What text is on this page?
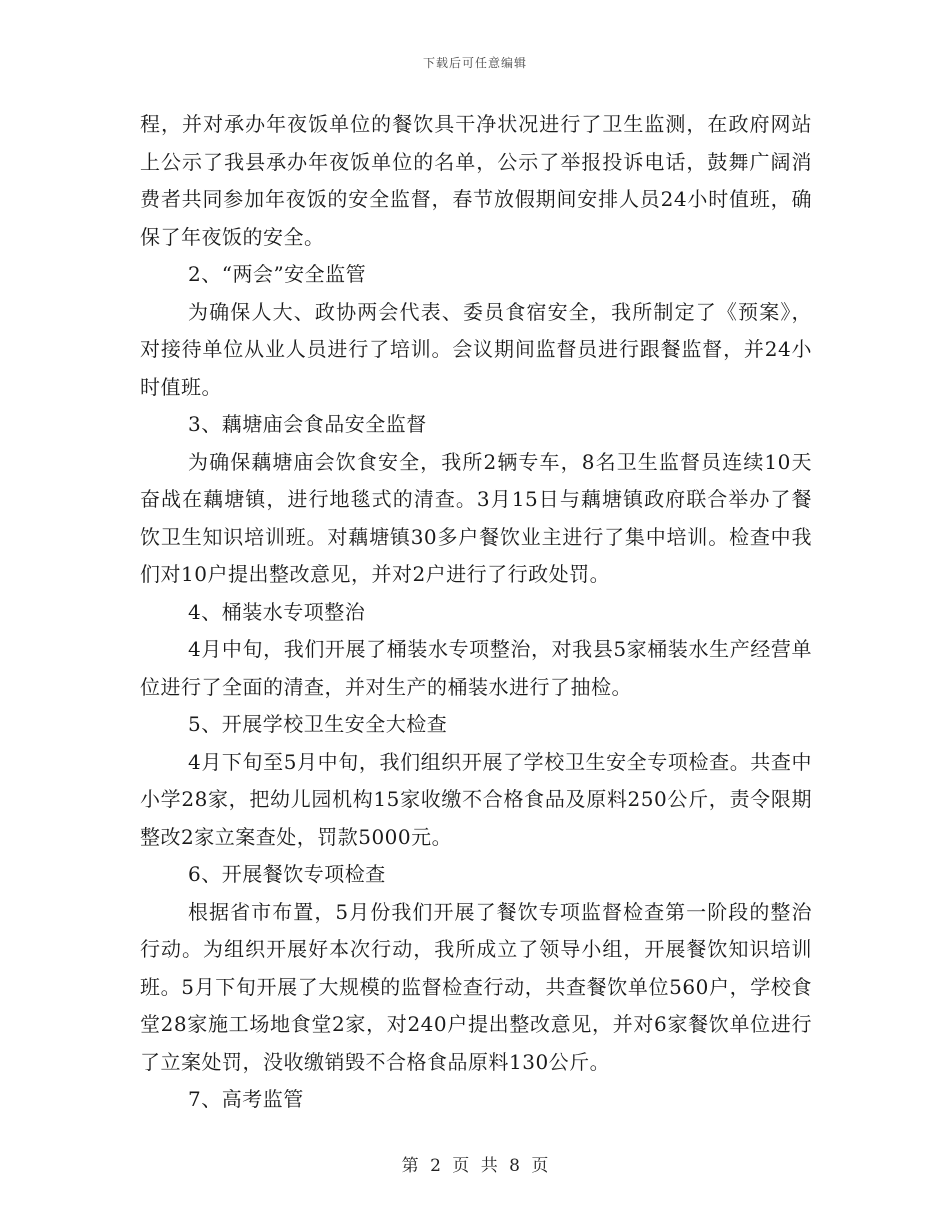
下载后可任意编辑

程，并对承办年夜饭单位的餐饮具干净状况进行了卫生监测，在政府网站上公示了我县承办年夜饭单位的名单，公示了举报投诉电话，鼓舞广阔消费者共同参加年夜饭的安全监督，春节放假期间安排人员24小时值班，确保了年夜饭的安全。

2、“两会”安全监管

为确保人大、政协两会代表、委员食宿安全，我所制定了《预案》，对接待单位从业人员进行了培训。会议期间监督员进行跟餐监督，并24小时值班。

3、藕塘庙会食品安全监督

为确保藕塘庙会饮食安全，我所2辆专车，8名卫生监督员连续10天奋战在藕塘镇，进行地毯式的清查。3月15日与藕塘镇政府联合举办了餐饮卫生知识培训班。对藕塘镇30多户餐饮业主进行了集中培训。检查中我们对10户提出整改意见，并对2户进行了行政处罚。

4、桶装水专项整治

4月中旬，我们开展了桶装水专项整治，对我县5家桶装水生产经营单位进行了全面的清查，并对生产的桶装水进行了抽检。

5、开展学校卫生安全大检查

4月下旬至5月中旬，我们组织开展了学校卫生安全专项检查。共查中小学28家，把幼儿园机构15家收缴不合格食品及原料250公斤，责令限期整改2家立案查处，罚款5000元。

6、开展餐饮专项检查

根据省市布置，5月份我们开展了餐饮专项监督检查第一阶段的整治行动。为组织开展好本次行动，我所成立了领导小组，开展餐饮知识培训班。5月下旬开展了大规模的监督检查行动，共查餐饮单位560户，学校食堂28家施工场地食堂2家，对240户提出整改意见，并对6家餐饮单位进行了立案处罚，没收缴销毁不合格食品原料130公斤。

7、高考监管

第 2 页 共 8 页
